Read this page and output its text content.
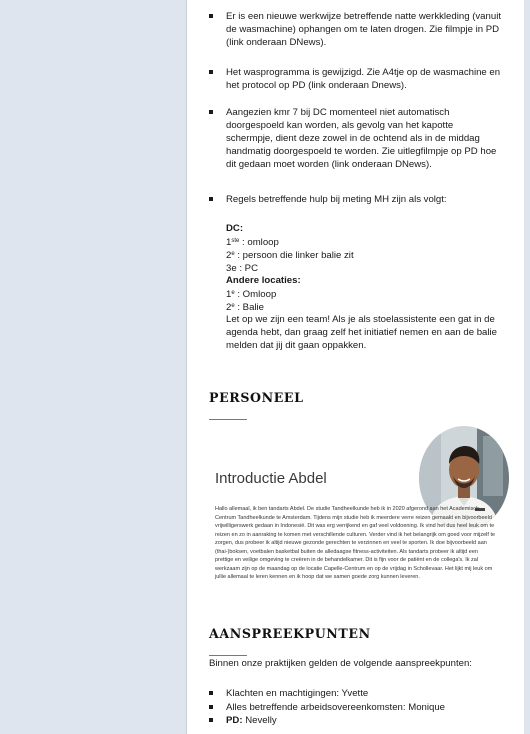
Er is een nieuwe werkwijze betreffende natte werkkleding (vanuit de wasmachine) ophangen om te laten drogen. Zie filmpje in PD (link onderaan DNews).
Het wasprogramma is gewijzigd. Zie A4tje op de wasmachine en het protocol op PD (link onderaan Dnews).
Aangezien kmr 7 bij DC momenteel niet automatisch doorgespoeld kan worden, als gevolg van het kapotte schermpje, dient deze zowel in de ochtend als in de middag handmatig doorgespoeld te worden. Zie uitlegfilmpje op PD hoe dit gedaan moet worden (link onderaan DNews).
Regels betreffende hulp bij meting MH zijn als volgt:
DC:
1ste : omloop
2e : persoon die linker balie zit
3e : PC
Andere locaties:
1e : Omloop
2e : Balie
Let op we zijn een team! Als je als stoelassistente een gat in de agenda hebt, dan graag zelf het initiatief nemen en aan de balie melden dat jij dit gaan oppakken.
PERSONEEL
Introductie Abdel
Hallo allemaal, ik ben tandarts Abdel. De studie Tandheelkunde heb ik in 2020 afgerond aan het Academisch Centrum Tandheelkunde te Amsterdam. Tijdens mijn studie heb ik meerdere verre reizen gemaakt en bijvoorbeeld vrijwilligerswerk gedaan in Indonesië. Dit was erg verrijkend en gaf veel voldoening. Ik vind het dus heel leuk om te reizen en zo in aanraking te komen met verschillende culturen. Verder vind ik het belangrijk om goed voor mijzelf te zorgen, dus probeer ik altijd nieuwe gezonde gerechten te verzinnen en veel te sporten. Ik doe bijvoorbeeld aan (thai-)boksen, voetbalen basketbal buiten de alledaagse fitness-activiteiten. Als tandarts probeer ik altijd een prettige en veilige omgeving te creëren in de behandelkamer. Dit is fijn voor de patiënt en de collega's. Ik zal werkzaam zijn op de maandag op de locatie Capelle-Centrum en op de vrijdag in Schollevaar. Het lijkt mij leuk om jullie allemaal te leren kennen en ik hoop dat we samen goede zorg kunnen leveren.
AANSPREEKPUNTEN
Binnen onze praktijken gelden de volgende aanspreekpunten:
Klachten en machtigingen: Yvette
Alles betreffende arbeidsovereenkomsten: Monique
PD: Nevelly
